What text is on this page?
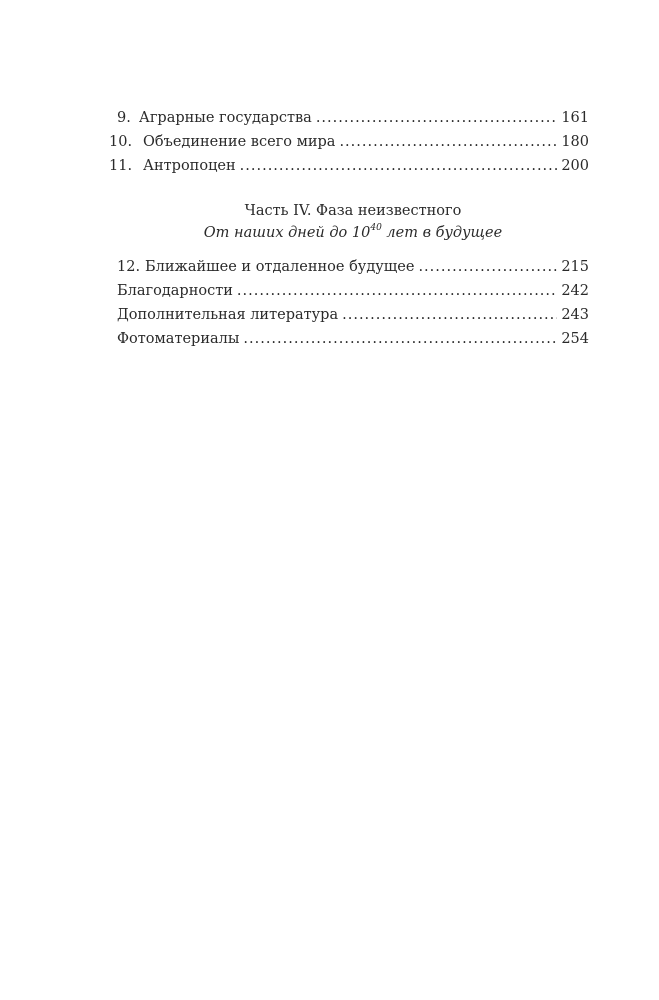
9. Аграрные государства .....	161
10. Объединение всего мира .....	180
11. Антропоцен .....	200
Часть IV. Фаза неизвестного
От наших дней до $10^{40}$ лет в будущее
12. Ближайшее и отдаленное будущее .....	215
Благодарности .....	242
Дополнительная литература .....	243
Фотоматериалы .....	254
